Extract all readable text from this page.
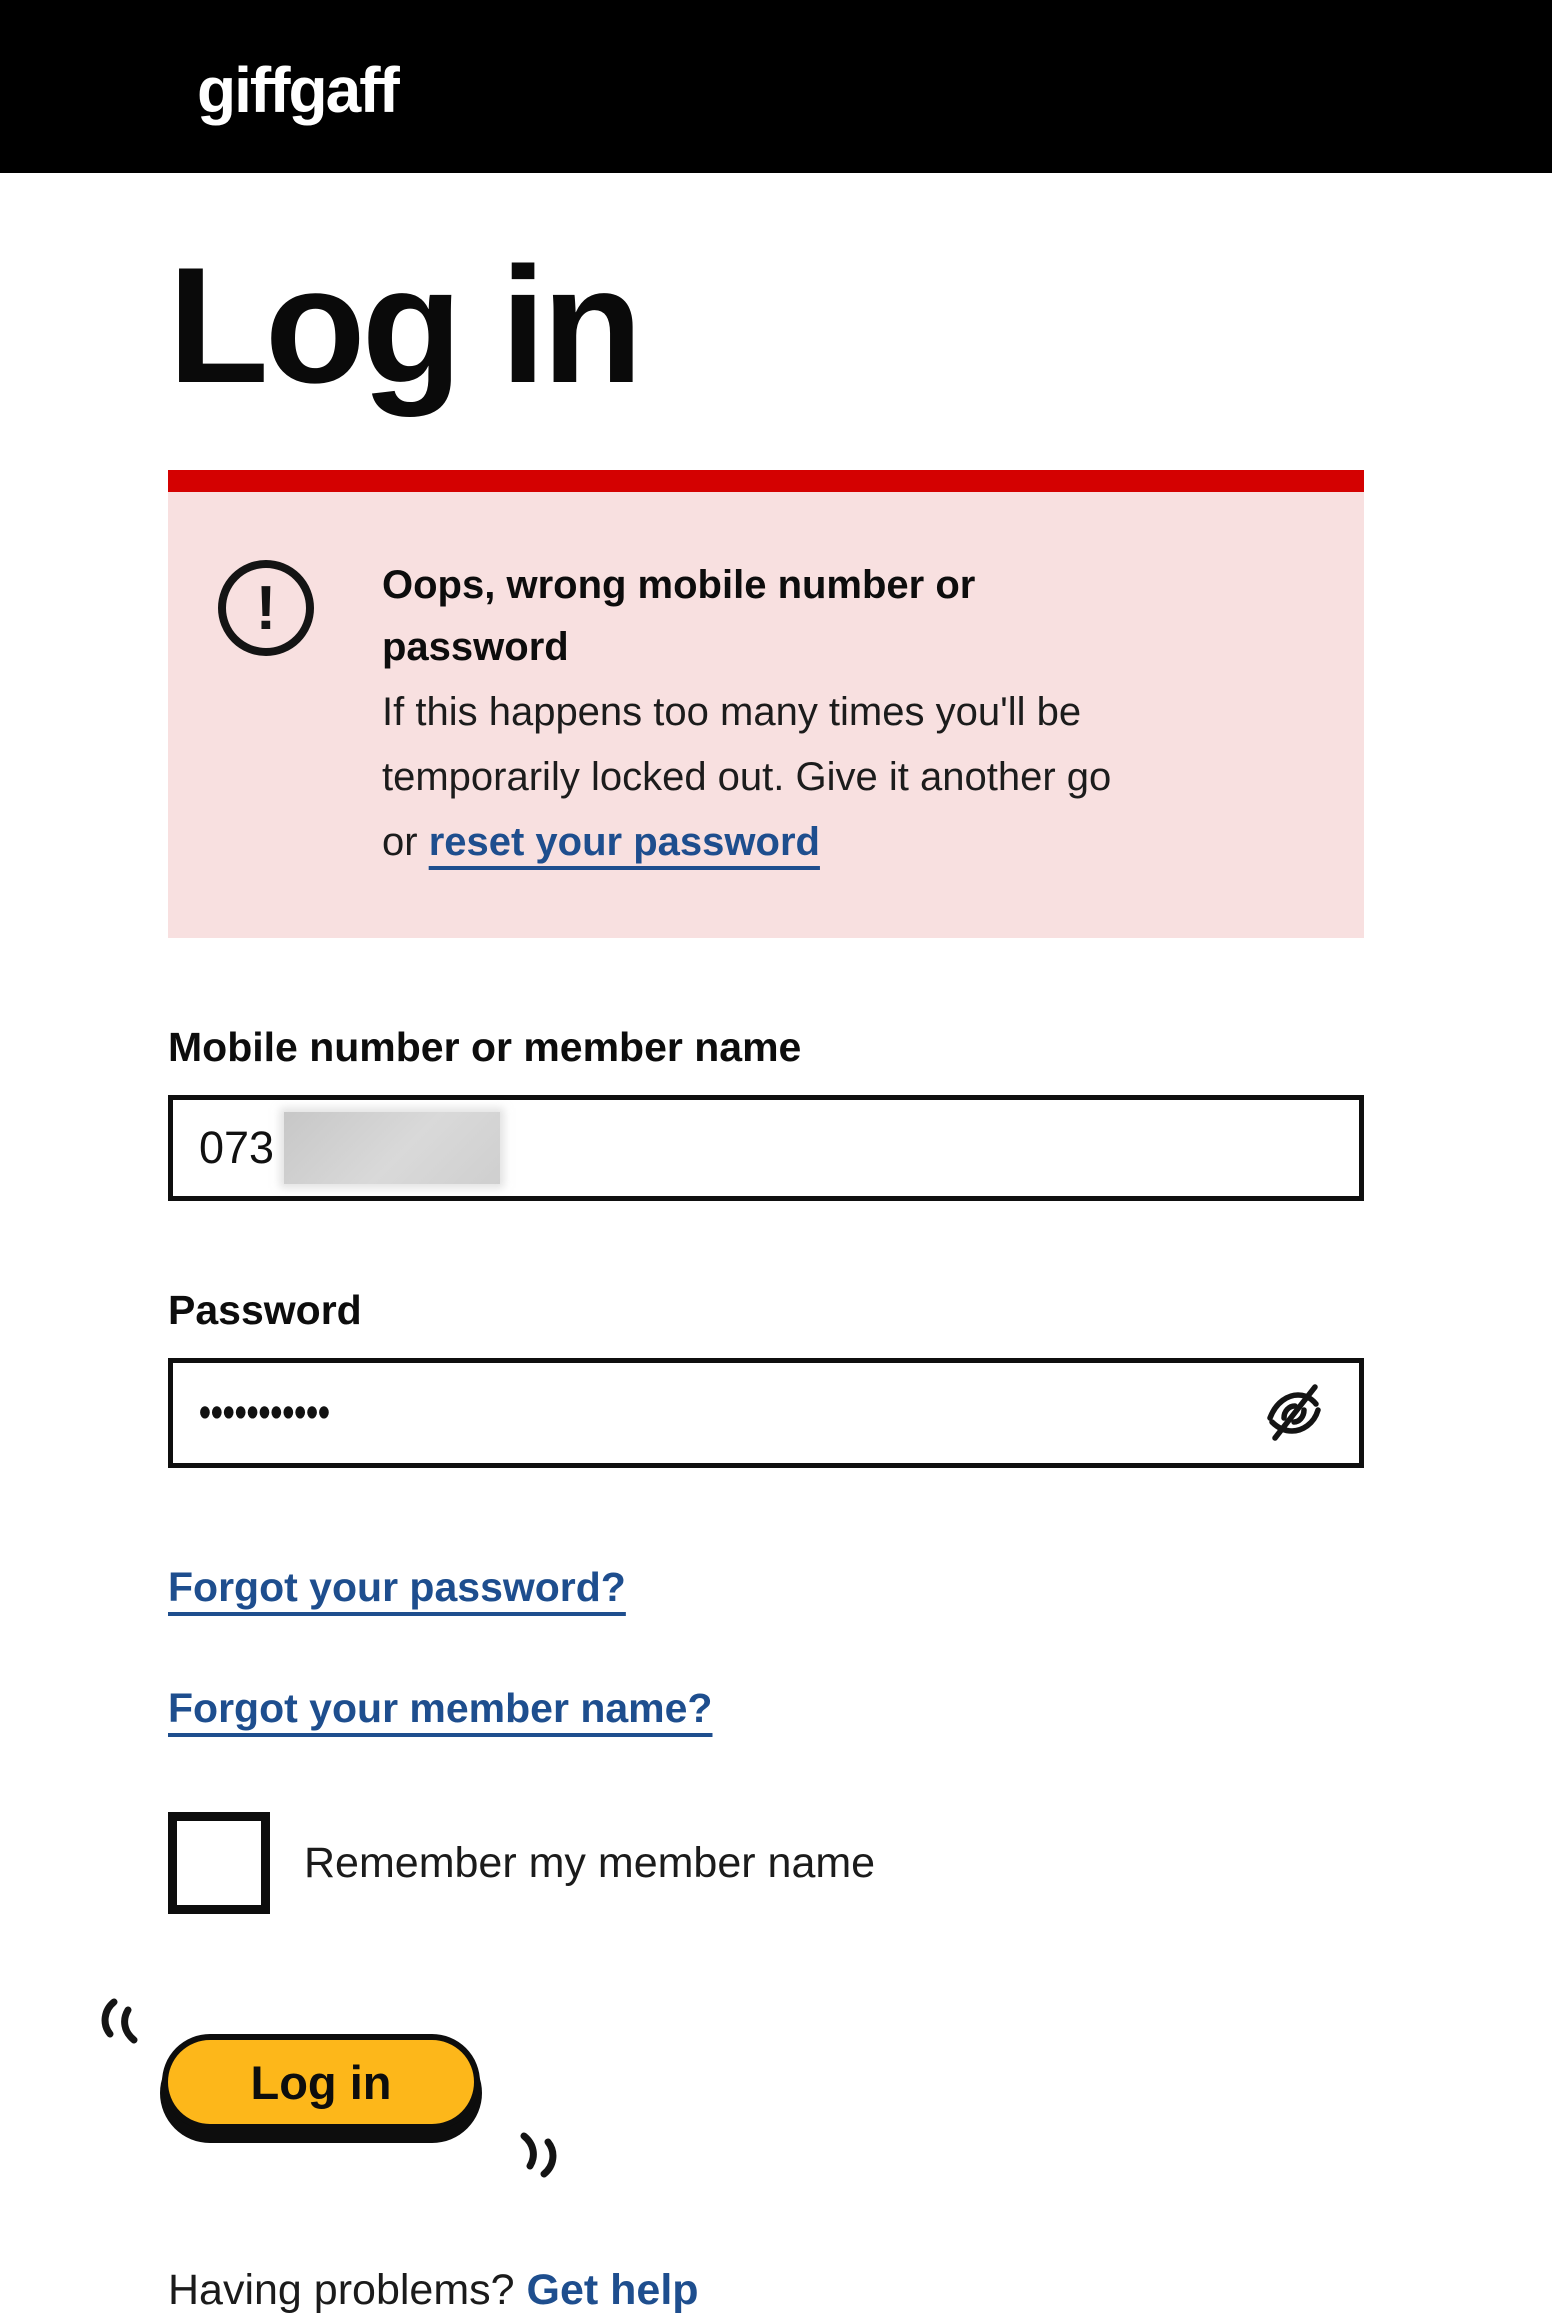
giffgaff
Log in
!	Oops, wrong mobile number or
password
If this happens too many times you'll be
temporarily locked out. Give it another go
or reset your password
Mobile number or member name
073
Password
•••••••••••
Forgot your password?
Forgot your member name?
Remember my member name
Log in
Having problems? Get help
